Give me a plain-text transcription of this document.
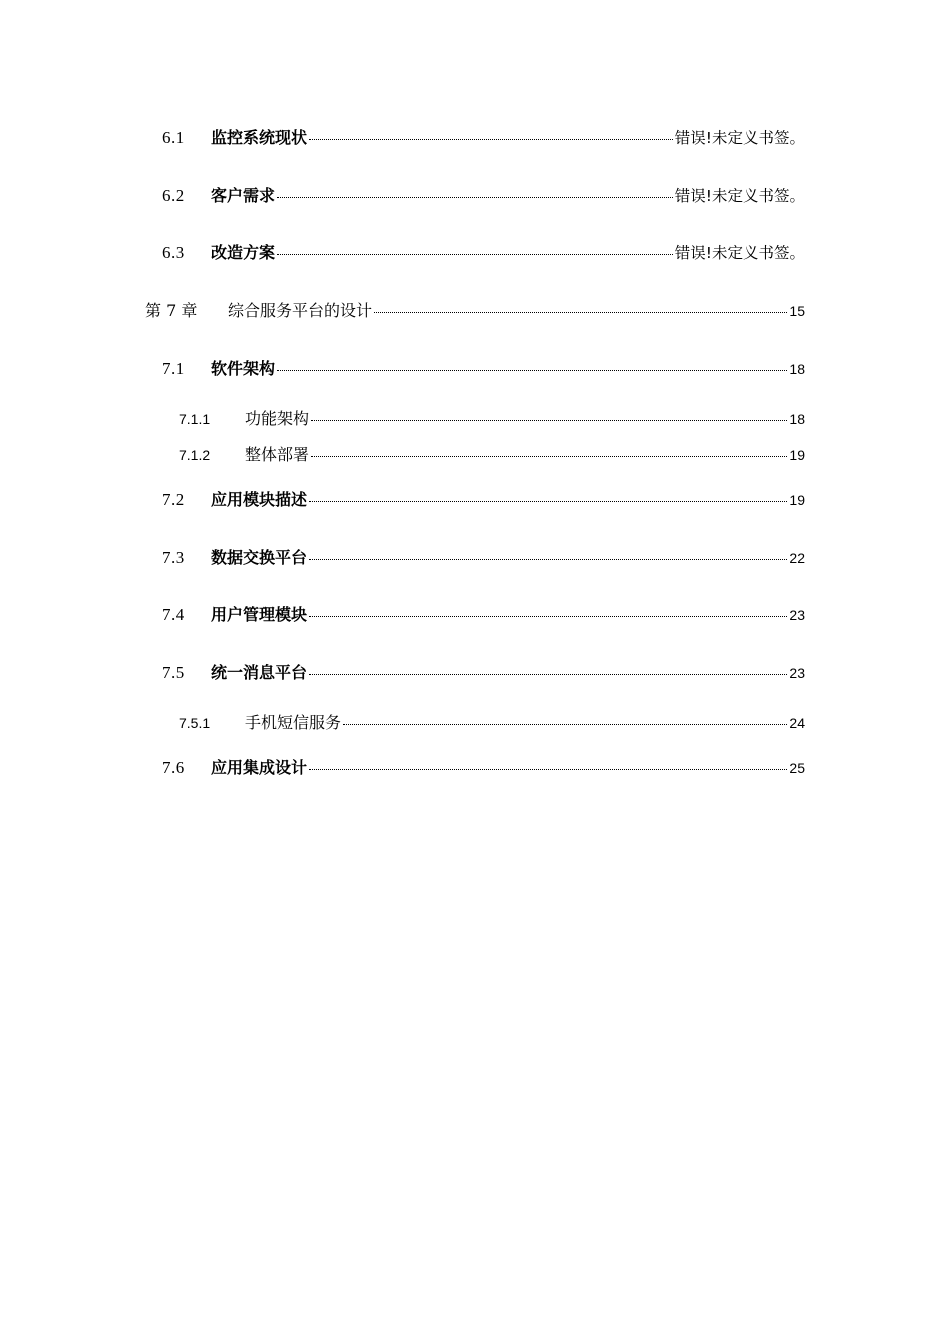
6.1	监控系统现状	错误!未定义书签。
6.2	客户需求	错误!未定义书签。
6.3	改造方案	错误!未定义书签。
第 7 章	综合服务平台的设计	15
7.1	软件架构	18
7.1.1	功能架构	18
7.1.2	整体部署	19
7.2	应用模块描述	19
7.3	数据交换平台	22
7.4	用户管理模块	23
7.5	统一消息平台	23
7.5.1	手机短信服务	24
7.6	应用集成设计	25
